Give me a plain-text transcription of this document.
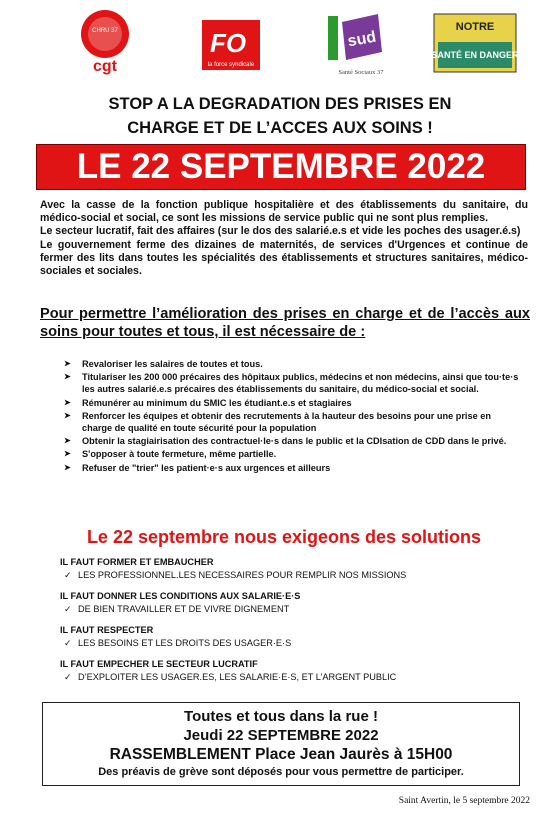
CHRU 37
cgt
FO
la force syndicale
sud
Santé Sociaux 37
NOTRE
SANTÉ EN DANGER
STOP A LA DEGRADATION DES PRISES EN
CHARGE ET DE L’ACCES AUX SOINS !
LE 22 SEPTEMBRE 2022

Avec la casse de la fonction publique hospitalière et des établissements du sanitaire, du médico-social et social, ce sont les missions de service public qui ne sont plus remplies.

Le secteur lucratif, fait des affaires (sur le dos des salarié.e.s et vide les poches des usager.é.s)

Le gouvernement ferme des dizaines de maternités, de services d'Urgences et continue de fermer des lits dans toutes les spécialités des établissements et structures sanitaires, médico-sociales et sociales.

Pour permettre l’amélioration des prises en charge et de l’accès aux soins pour toutes et tous, il est nécessaire de :
➤ Revaloriser les salaires de toutes et tous.
➤ Titulariser les 200 000 précaires des hôpitaux publics, médecins et non médecins, ainsi que tou·te·s les autres salarié.e.s précaires des établissements du sanitaire, du médico-social et social.
➤ Rémunérer au minimum du SMIC les étudiant.e.s et stagiaires
➤ Renforcer les équipes et obtenir des recrutements à la hauteur des besoins pour une prise en charge de qualité en toute sécurité pour la population
➤ Obtenir la stagiairisation des contractuel·le·s dans le public et la CDIsation de CDD dans le privé.
➤ S'opposer à toute fermeture, même partielle.
➤ Refuser de "trier" les patient·e·s aux urgences et ailleurs
Le 22 septembre nous exigeons des solutions
IL FAUT FORMER ET EMBAUCHER
✓ LES PROFESSIONNEL.LES NECESSAIRES POUR REMPLIR NOS MISSIONS
IL FAUT DONNER LES CONDITIONS AUX SALARIE·E·S
✓ DE BIEN TRAVAILLER ET DE VIVRE DIGNEMENT
IL FAUT RESPECTER
✓ LES BESOINS ET LES DROITS DES USAGER·E·S
IL FAUT EMPECHER LE SECTEUR LUCRATIF
✓ D’EXPLOITER LES USAGER.ES, LES SALARIE·E·S, ET L’ARGENT PUBLIC
Toutes et tous dans la rue !
Jeudi 22 SEPTEMBRE 2022
RASSEMBLEMENT Place Jean Jaurès à 15H00
Des préavis de grève sont déposés pour vous permettre de participer.
Saint Avertin, le 5 septembre 2022
